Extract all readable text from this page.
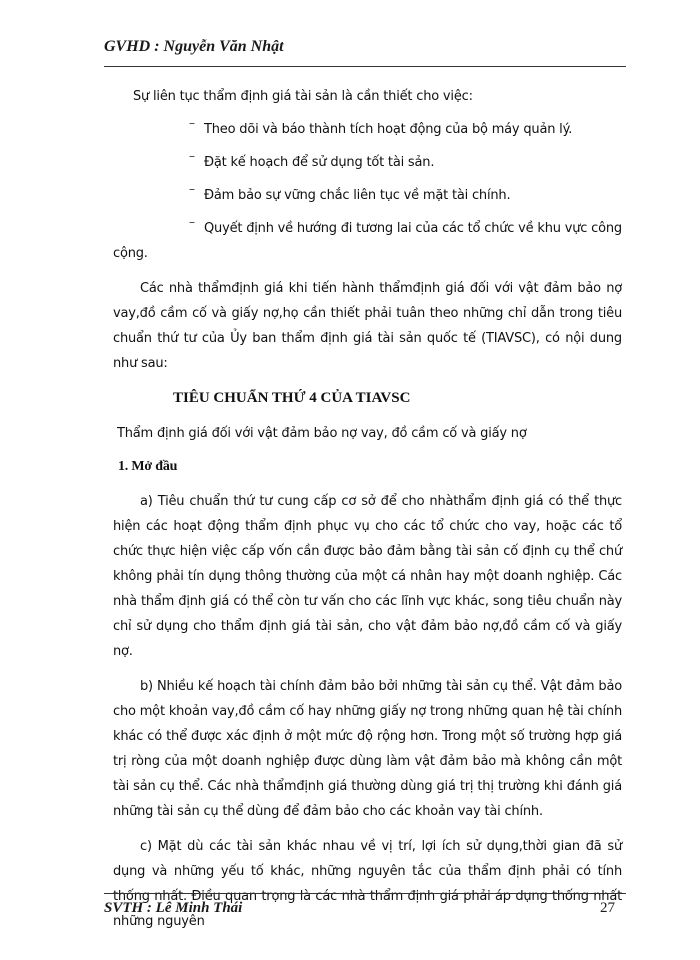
GVHD : Nguyễn Văn Nhật

Sự liên tục thẩm định giá tài sản là cần thiết cho việc:

– Theo dõi và báo thành tích hoạt động của bộ máy quản lý.
– Đặt kế hoạch để sử dụng tốt tài sản.
– Đảm bảo sự vững chắc liên tục về mặt tài chính.
– Quyết định về hướng đi tương lai của các tổ chức về khu vực công cộng.

Các nhà thẩmđịnh giá khi tiến hành thẩmđịnh giá đối với vật đảm bảo nợ vay,đồ cầm cố và giấy nợ,họ cần thiết phải tuân theo những chỉ dẫn trong tiêu chuẩn thứ tư của Ủy ban thẩm định giá tài sản quốc tế (TIAVSC), có nội dung như sau:

TIÊU CHUẨN THỨ 4 CỦA TIAVSC

Thẩm định giá đối với vật đảm bảo nợ vay, đồ cầm cố và giấy nợ

1. Mở đầu

a) Tiêu chuẩn thứ tư cung cấp cơ sở để cho nhàthẩm định giá có thể thực hiện các hoạt động thẩm định phục vụ cho các tổ chức cho vay, hoặc các tổ chức thực hiện việc cấp vốn cần được bảo đảm bằng tài sản cố định cụ thể chứ không phải tín dụng thông thường của một cá nhân hay một doanh nghiệp. Các nhà thẩm định giá có thể còn tư vấn cho các lĩnh vực khác, song tiêu chuẩn này chỉ sử dụng cho thẩm định giá tài sản, cho vật đảm bảo nợ,đồ cầm cố và giấy nợ.

b) Nhiều kế hoạch tài chính đảm bảo bởi những tài sản cụ thể. Vật đảm bảo cho một khoản vay,đồ cầm cố hay những giấy nợ trong những quan hệ tài chính khác có thể được xác định ở một mức độ rộng hơn. Trong một số trường hợp giá trị ròng của một doanh nghiệp được dùng làm vật đảm bảo mà không cần một tài sản cụ thể. Các nhà thẩmđịnh giá thường dùng giá trị thị trường khi đánh giá những tài sản cụ thể dùng để đảm bảo cho các khoản vay tài chính.

c) Mặt dù các tài sản khác nhau về vị trí, lợi ích sử dụng,thời gian đã sử dụng và những yếu tố khác, những nguyên tắc của thẩm định phải có tính thống nhất. Điều quan trọng là các nhà thẩm định giá phải áp dụng thống nhất những nguyên

SVTH : Lê Minh Thái	27
